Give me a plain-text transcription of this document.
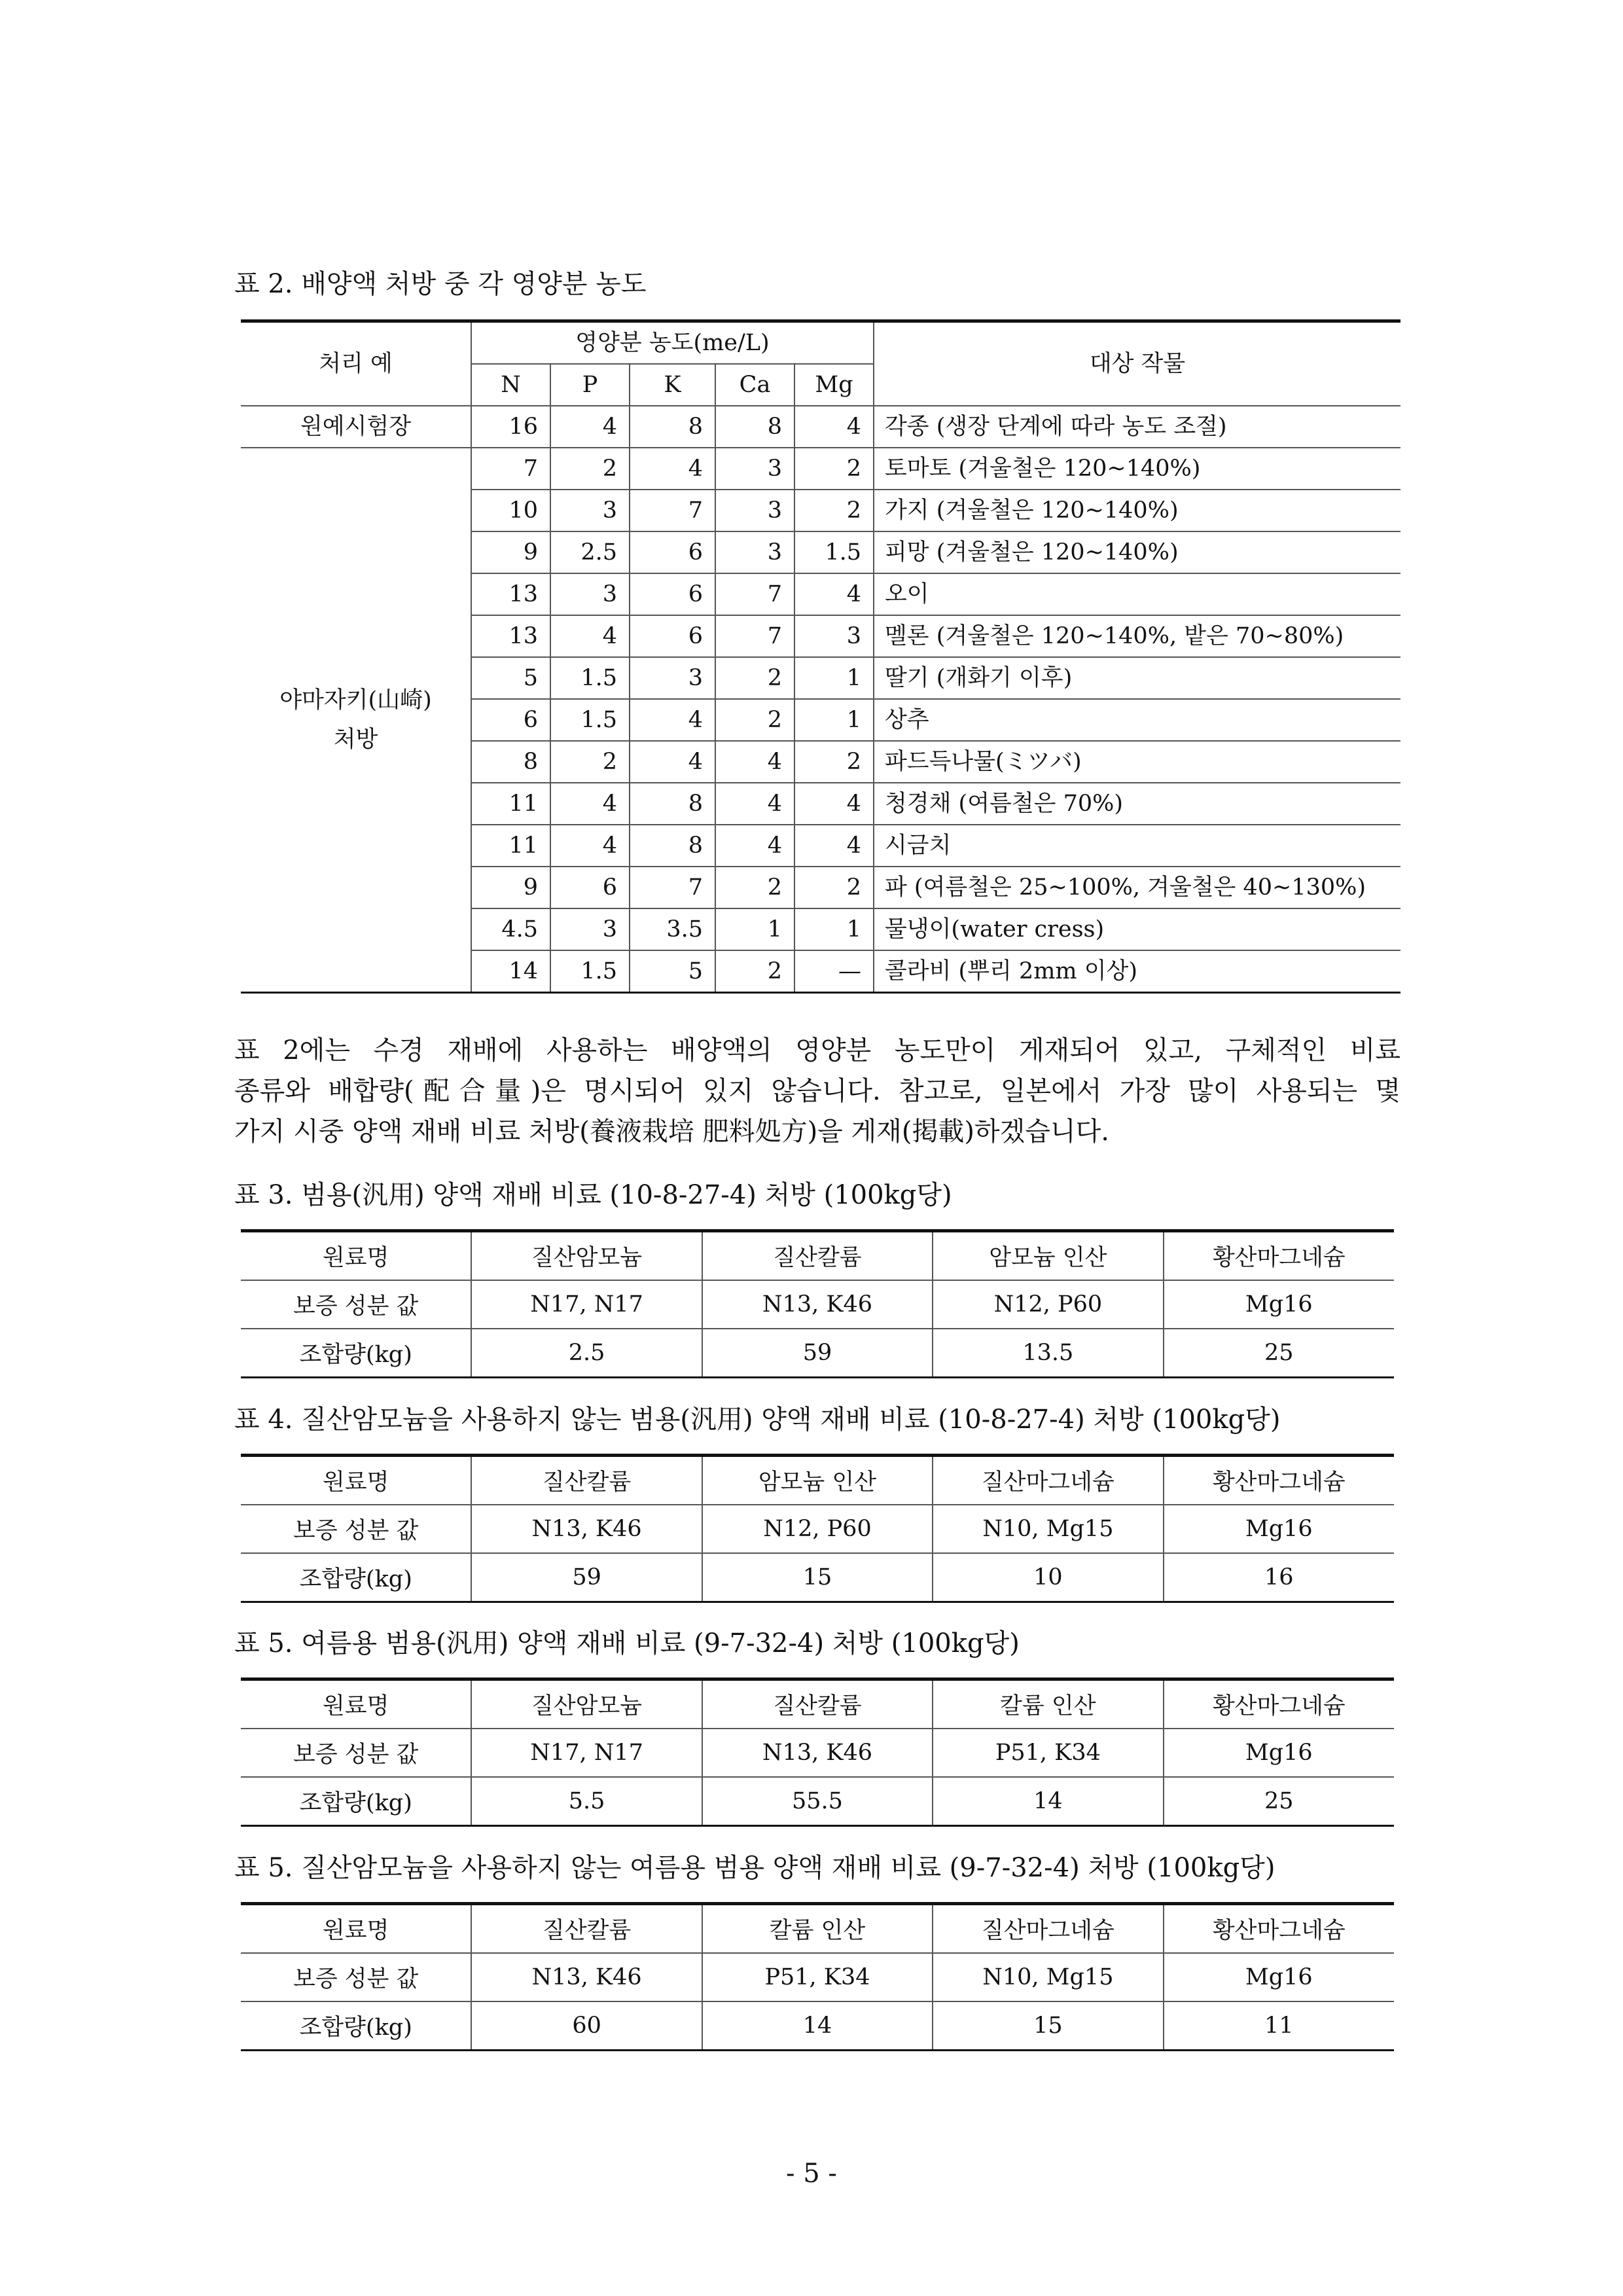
표 2. 배양액 처방 중 각 영양분 농도
처리 예	영양분 농도(me/L)					대상 작물
	N	P	K	Ca	Mg	
원예시험장	16	4	8	8	4	각종 (생장 단계에 따라 농도 조절)

야마자키(山崎)
처방	7	2	4	3	2	토마토 (겨울철은 120~140%)
	10	3	7	3	2	가지 (겨울철은 120~140%)
	9	2.5	6	3	1.5	피망 (겨울철은 120~140%)
	13	3	6	7	4	오이
	13	4	6	7	3	멜론 (겨울철은 120~140%, 밭은 70~80%)
	5	1.5	3	2	1	딸기 (개화기 이후)
	6	1.5	4	2	1	상추
	8	2	4	4	2	파드득나물(ミツバ)
	11	4	8	4	4	청경채 (여름철은 70%)
	11	4	8	4	4	시금치
	9	6	7	2	2	파 (여름철은 25~100%, 겨울철은 40~130%)
	4.5	3	3.5	1	1	물냉이(water cress)
	14	1.5	5	2	—	콜라비 (뿌리 2mm 이상)

표 2에는 수경 재배에 사용하는 배양액의 영양분 농도만이 게재되어 있고, 구체적인 비료
종류와 배합량(配合量)은 명시되어 있지 않습니다. 참고로, 일본에서 가장 많이 사용되는 몇
가지 시중 양액 재배 비료 처방(養液栽培 肥料処方)을 게재(掲載)하겠습니다.

표 3. 범용(汎用) 양액 재배 비료 (10-8-27-4) 처방 (100kg당)
원료명	질산암모늄	질산칼륨	암모늄 인산	황산마그네슘
보증 성분 값	N17, N17	N13, K46	N12, P60	Mg16
조합량(kg)	2.5	59	13.5	25
표 4. 질산암모늄을 사용하지 않는 범용(汎用) 양액 재배 비료 (10-8-27-4) 처방 (100kg당)
원료명	질산칼륨	암모늄 인산	질산마그네슘	황산마그네슘
보증 성분 값	N13, K46	N12, P60	N10, Mg15	Mg16
조합량(kg)	59	15	10	16
표 5. 여름용 범용(汎用) 양액 재배 비료 (9-7-32-4) 처방 (100kg당)
원료명	질산암모늄	질산칼륨	칼륨 인산	황산마그네슘
보증 성분 값	N17, N17	N13, K46	P51, K34	Mg16
조합량(kg)	5.5	55.5	14	25
표 5. 질산암모늄을 사용하지 않는 여름용 범용 양액 재배 비료 (9-7-32-4) 처방 (100kg당)
원료명	질산칼륨	칼륨 인산	질산마그네슘	황산마그네슘
보증 성분 값	N13, K46	P51, K34	N10, Mg15	Mg16
조합량(kg)	60	14	15	11
- 5 -
